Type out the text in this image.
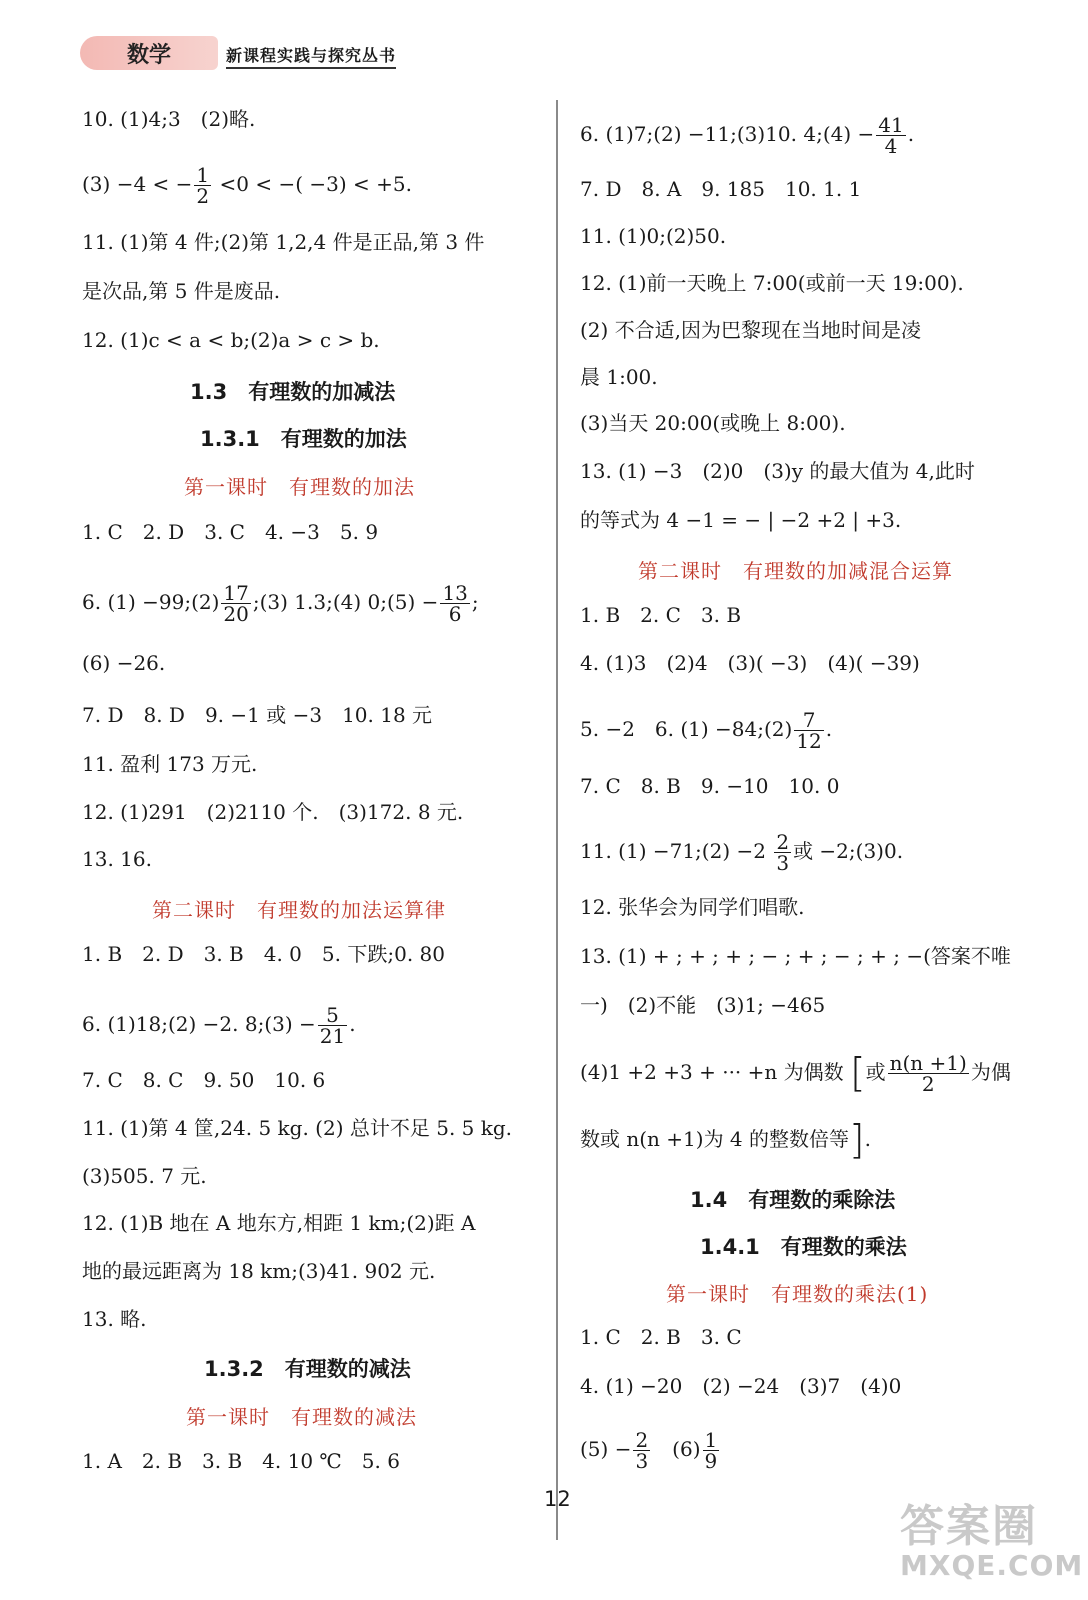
数学	新课程实践与探究丛书
10. (1)4;3　(2)略.
(3) −4 < − $\frac{1}{2} <0$ < −( −3) < +5.
11. (1)第 4 件;(2)第 1,2,4 件是正品,第 3 件
是次品,第 5 件是废品.
12. (1)c < a < b;(2)a > c > b.
1.3　有理数的加减法
1.3.1　有理数的加法
第一课时　有理数的加法
1. C　2. D　3. C　4. −3　5. 9
6. (1) −99;(2) $\frac{17}{20}$ ;(3) 1.3;(4) 0;(5) − $\frac{13}{6}$ ;
(6) −26.
7. D　8. D　9. −1 或 −3　10. 18 元
11. 盈利 173 万元.
12. (1)291　(2)2110 个.　(3)172. 8 元.
13. 16.
第二课时　有理数的加法运算律
1. B　2. D　3. B　4. 0　5. 下跌;0. 80
6. (1)18;(2) −2. 8;(3) − $\frac{5}{21}$ .
7. C　8. C　9. 50　10. 6
11. (1)第 4 筐,24. 5 kg. (2) 总计不足 5. 5 kg.
(3)505. 7 元.
12. (1)B 地在 A 地东方,相距 1 km;(2)距 A
地的最远距离为 18 km;(3)41. 902 元.
13. 略.
1.3.2　有理数的减法
第一课时　有理数的减法
1. A　2. B　3. B　4. 10 ℃　5. 6
6. (1)7;(2) −11;(3)10. 4;(4) − $\frac{41}{4}$ .
7. D　8. A　9. 185　10. 1. 1
11. (1)0;(2)50.
12. (1)前一天晚上 7:00(或前一天 19:00).
(2) 不合适,因为巴黎现在当地时间是凌
晨 1:00.
(3)当天 20:00(或晚上 8:00).
13. (1) −3　(2)0　(3)y 的最大值为 4,此时
的等式为 4 −1 = − | −2 +2 | +3.
第二课时　有理数的加减混合运算
1. B　2. C　3. B
4. (1)3　(2)4　(3)( −3)　(4)( −39)
5. −2　6. (1) −84;(2) $\frac{7}{12}$ .
7. C　8. B　9. −10　10. 0
11. (1) −71;(2) $-2 \frac{2}{3}$ 或 −2;(3)0.
12. 张华会为同学们唱歌.
13. (1) + ; + ; + ; − ; + ; − ; + ; −(答案不唯
一)　(2)不能　(3)1; −465
(4)1 +2 +3 + ··· +n 为偶数 [或 $\frac{n(n +1)}{2}$ 为偶
数或 n(n +1)为 4 的整数倍等].
1.4　有理数的乘除法
1.4.1　有理数的乘法
第一课时　有理数的乘法(1)
1. C　2. B　3. C
4. (1) −20　(2) −24　(3)7　(4)0
$(5) - \frac{2}{3}$ 　$(6) \frac{1}{9}$
12
答案圈
MXQE.COM
